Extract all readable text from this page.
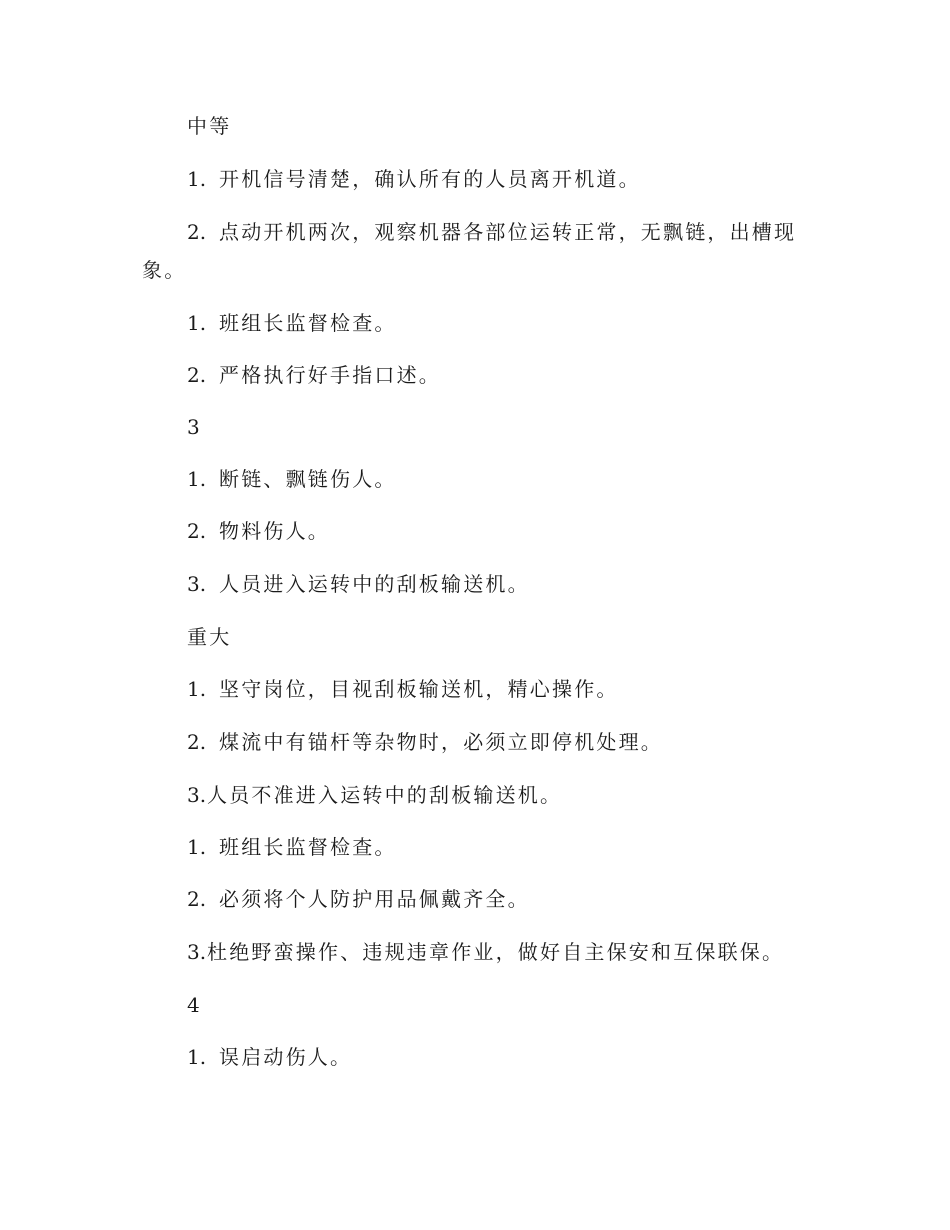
中等
1. 开机信号清楚，确认所有的人员离开机道。
2. 点动开机两次，观察机器各部位运转正常，无飘链，出槽现
象。
1. 班组长监督检查。
2. 严格执行好手指口述。
3
1. 断链、飘链伤人。
2. 物料伤人。
3. 人员进入运转中的刮板输送机。
重大
1. 坚守岗位，目视刮板输送机，精心操作。
2. 煤流中有锚杆等杂物时，必须立即停机处理。
3.人员不准进入运转中的刮板输送机。
1. 班组长监督检查。
2. 必须将个人防护用品佩戴齐全。
3.杜绝野蛮操作、违规违章作业，做好自主保安和互保联保。
4
1. 误启动伤人。
